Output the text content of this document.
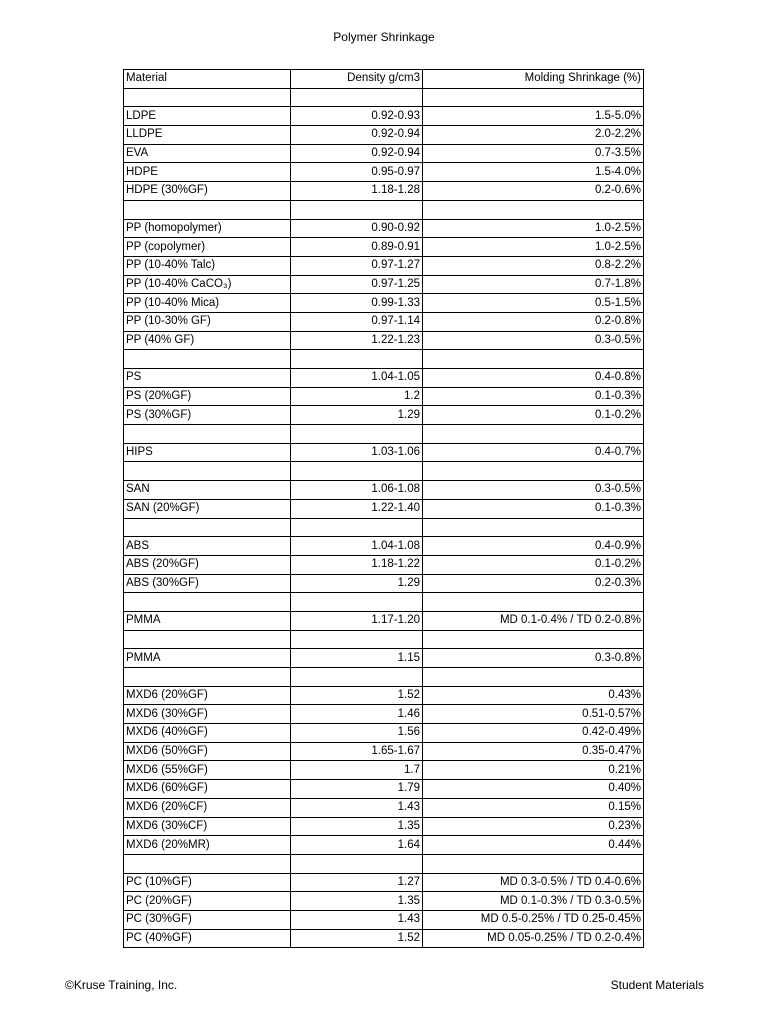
Polymer Shrinkage
Material	Density g/cm3	Molding Shrinkage (%)

LDPE	0.92-0.93	1.5-5.0%
LLDPE	0.92-0.94	2.0-2.2%
EVA	0.92-0.94	0.7-3.5%
HDPE	0.95-0.97	1.5-4.0%
HDPE (30%GF)	1.18-1.28	0.2-0.6%

PP (homopolymer)	0.90-0.92	1.0-2.5%
PP (copolymer)	0.89-0.91	1.0-2.5%
PP (10‑40% Talc)	0.97-1.27	0.8-2.2%
PP (10‑40% CaCO₃)	0.97-1.25	0.7-1.8%
PP (10‑40% Mica)	0.99-1.33	0.5-1.5%
PP (10‑30% GF)	0.97-1.14	0.2-0.8%
PP (40% GF)	1.22-1.23	0.3-0.5%

PS	1.04-1.05	0.4-0.8%
PS (20%GF)	1.2	0.1-0.3%
PS (30%GF)	1.29	0.1-0.2%

HIPS	1.03-1.06	0.4-0.7%

SAN	1.06-1.08	0.3-0.5%
SAN (20%GF)	1.22-1.40	0.1-0.3%

ABS	1.04-1.08	0.4-0.9%
ABS (20%GF)	1.18-1.22	0.1-0.2%
ABS (30%GF)	1.29	0.2-0.3%

PMMA	1.17-1.20	MD 0.1-0.4% / TD 0.2-0.8%

PMMA	1.15	0.3-0.8%

MXD6 (20%GF)	1.52	0.43%
MXD6 (30%GF)	1.46	0.51-0.57%
MXD6 (40%GF)	1.56	0.42-0.49%
MXD6 (50%GF)	1.65-1.67	0.35-0.47%
MXD6 (55%GF)	1.7	0.21%
MXD6 (60%GF)	1.79	0.40%
MXD6 (20%CF)	1.43	0.15%
MXD6 (30%CF)	1.35	0.23%
MXD6 (20%MR)	1.64	0.44%

PC (10%GF)	1.27	MD 0.3-0.5% / TD 0.4-0.6%
PC (20%GF)	1.35	MD 0.1-0.3% / TD 0.3-0.5%
PC (30%GF)	1.43	MD 0.5-0.25% / TD 0.25-0.45%
PC (40%GF)	1.52	MD 0.05-0.25% / TD 0.2-0.4%
©Kruse Training, Inc.	Student Materials
